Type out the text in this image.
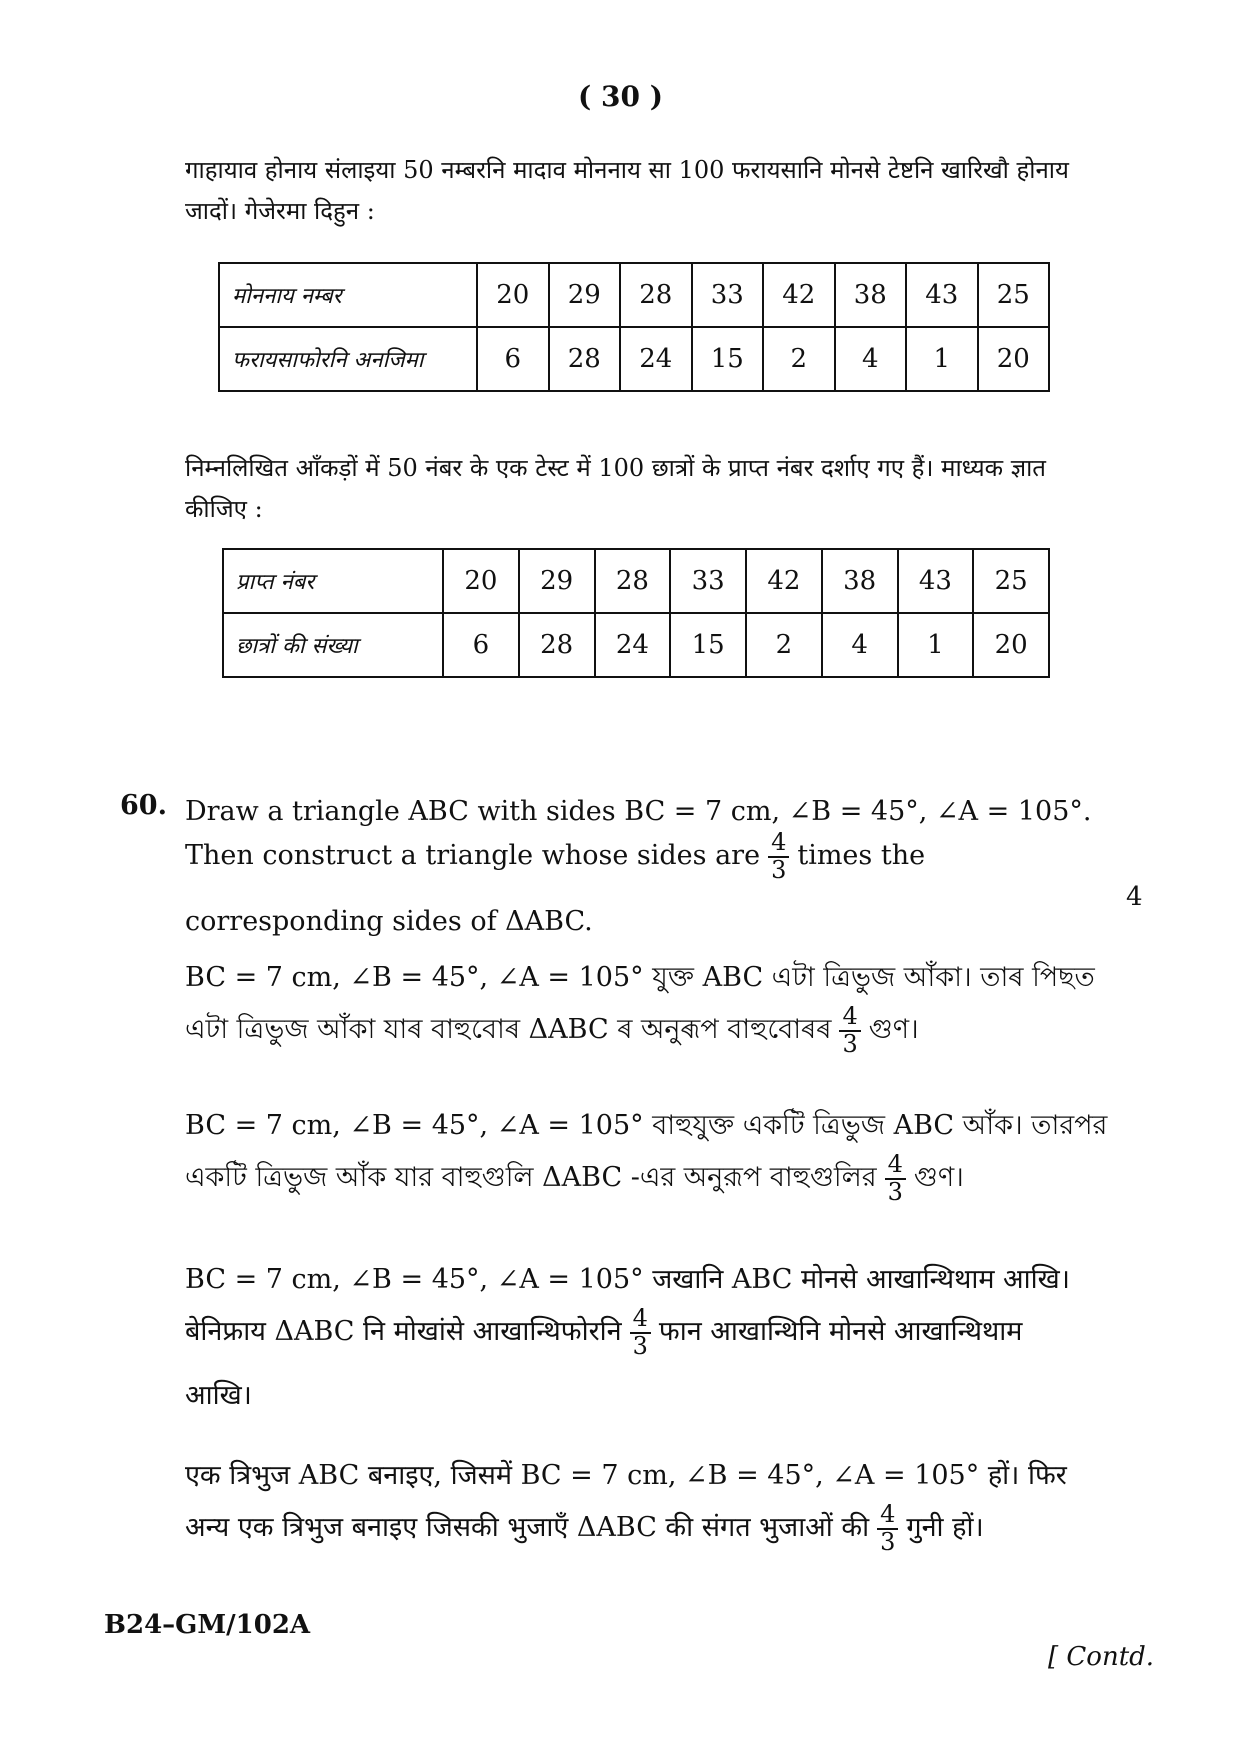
( 30 )
गाहायाव होनाय संलाइया 50 नम्बरनि मादाव मोननाय सा 100 फरायसानि मोनसे टेष्टनि खारिखौ होनाय जादों। गेजेरमा दिहुन :
मोननाय नम्बर	20	29	28	33	42	38	43	25
फरायसाफोरनि अनजिमा	6	28	24	15	2	4	1	20
निम्नलिखित आँकड़ों में 50 नंबर के एक टेस्ट में 100 छात्रों के प्राप्त नंबर दर्शाए गए हैं। माध्यक ज्ञात कीजिए :
प्राप्त नंबर	20	29	28	33	42	38	43	25
छात्रों की संख्या	6	28	24	15	2	4	1	20
60.
4
Draw a triangle ABC with sides BC = 7 cm, ∠B = 45°, ∠A = 105°.
Then construct a triangle whose sides are $\frac{4}{3}$ times the
corresponding sides of ΔABC.
BC = 7 cm, ∠B = 45°, ∠A = 105° যুক্ত ABC এটা ত্ৰিভুজ আঁকা। তাৰ পিছত
এটা ত্ৰিভুজ আঁকা যাৰ বাহুবোৰ ΔABC ৰ অনুৰূপ বাহুবোৰৰ $\frac{4}{3}$ গুণ।
BC = 7 cm, ∠B = 45°, ∠A = 105° বাহুযুক্ত একটি ত্রিভুজ ABC আঁক। তারপর
একটি ত্রিভুজ আঁক যার বাহুগুলি ΔABC -এর অনুরূপ বাহুগুলির $\frac{4}{3}$ গুণ।
BC = 7 cm, ∠B = 45°, ∠A = 105° जखानि ABC मोनसे आखान्थिथाम आखि।
बेनिफ्राय ΔABC नि मोखांसे आखान्थिफोरनि $\frac{4}{3}$ फान आखान्थिनि मोनसे आखान्थिथाम
आखि।
एक त्रिभुज ABC बनाइए, जिसमें BC = 7 cm, ∠B = 45°, ∠A = 105° हों। फिर
अन्य एक त्रिभुज बनाइए जिसकी भुजाएँ ΔABC की संगत भुजाओं की $\frac{4}{3}$ गुनी हों।
B24–GM/102A
[ Contd.
